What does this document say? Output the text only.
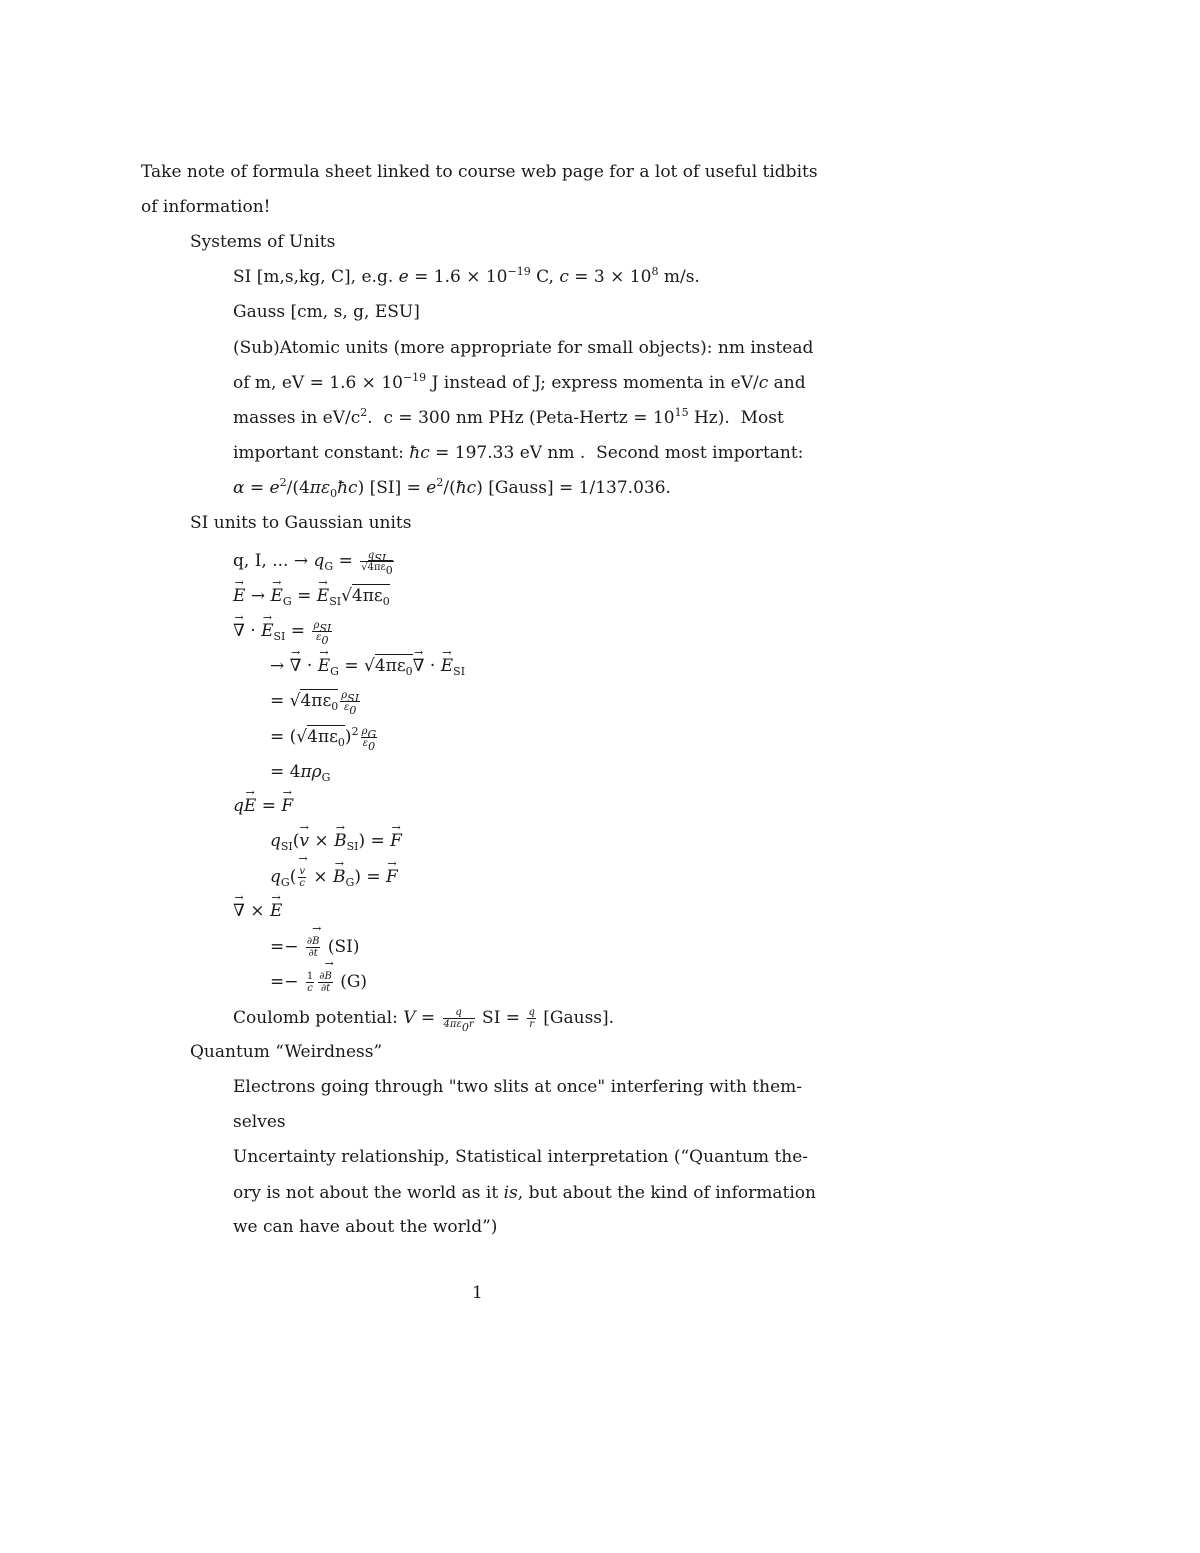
Take note of formula sheet linked to course web page for a lot of useful tidbits
of information!
Systems of Units
SI [m,s,kg, C], e.g. $e = 1.6 \times 10^{-19}$ C, $c = 3 \times 10^8$ m/s.
Gauss [cm, s, g, ESU]
(Sub)Atomic units (more appropriate for small objects): nm instead
of m, eV = $1.6 \times 10^{-19}$ J instead of J; express momenta in eV/c and
masses in $eV/c^2$.  c = 300 nm PHz (Peta-Hertz = $10^{15}$ Hz).  Most
important constant: ħc = 197.33 eV nm .  Second most important:
$\alpha = e^2/(4\pi\varepsilon_0ħc) [SI]$ = $e^2/(ħc)$ [Gauss] = 1/137.036.
SI units to Gaussian units
q, I, ... → $q_G = \frac{q_{SI}}{√4\pi\varepsilon_0}$
→ E → → $E_G$ = → $E_{SI}√4\pi\varepsilon_0$
→ ∇ · → $E_{SI} = \frac{\rho_{SI}}{\varepsilon_0}$
→ → ∇ · → $E_G = √4\pi\varepsilon_0\to$ ∇ · → $E_{SI}$
= $√4\pi\varepsilon_0 \frac{\rho_{SI}}{\varepsilon_0}$
= $(√4\pi\varepsilon_0)^2 \frac{\rho_G}{\varepsilon_0}$
= $4\pi\rho_G$
q→ E = → F
$q_{SI}(\to v$ × → $B_{SI}$) = → F
$q_G$(
→ $\frac{v}{c}$ × → $B_G$) = → F
→ ∇ × → E
=− $\frac{\partial\to B}{\partial t} (SI)$
=− $\frac{1}{c} \frac{\partial\to B}{\partial t} (G)$
Coulomb potential: $V = \frac{q}{4\pi\varepsilon_0r}$ SI = $\frac{q}{r}$ [Gauss].
Quantum “Weirdness”
Electrons going through "two slits at once" interfering with them-
selves
Uncertainty relationship, Statistical interpretation (“Quantum the-
ory is not about the world as it is, but about the kind of information
we can have about the world”)
1
